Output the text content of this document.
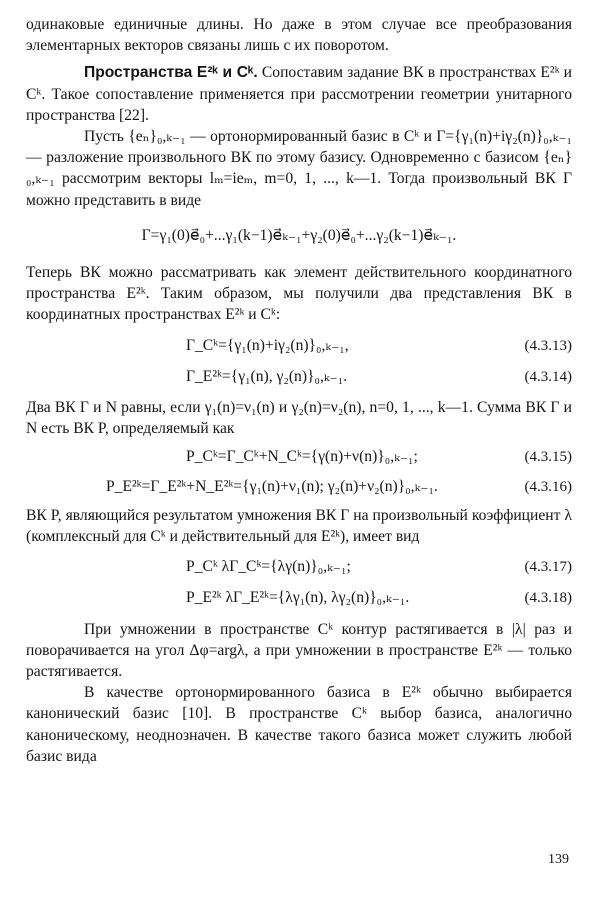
одинаковые единичные длины. Но даже в этом случае все преобразования элементарных векторов связаны лишь с их поворотом.

Пространства E²ᵏ и Cᵏ. Сопоставим задание ВК в пространствах E²ᵏ и Cᵏ. Такое сопоставление применяется при рассмотрении геометрии унитарного пространства [22].

Пусть {eₙ}₀,ₖ₋₁ — ортонормированный базис в Cᵏ и Г={γ₁(n)+iγ₂(n)}₀,ₖ₋₁ — разложение произвольного ВК по этому базису. Одновременно с базисом {eₙ}₀,ₖ₋₁ рассмотрим векторы lₘ=ieₘ, m=0, 1, ..., k—1. Тогда произвольный ВК Г можно представить в виде

Г=γ₁(0)e⃗₀+...γ₁(k−1)e⃗ₖ₋₁+γ₂(0)e⃗₀+...γ₂(k−1)e⃗ₖ₋₁.

Теперь ВК можно рассматривать как элемент действительного координатного пространства E²ᵏ. Таким образом, мы получили два представления ВК в координатных пространствах E²ᵏ и Cᵏ:

Г_Cᵏ={γ₁(n)+iγ₂(n)}₀,ₖ₋₁,	(4.3.13)
Г_E²ᵏ={γ₁(n), γ₂(n)}₀,ₖ₋₁.	(4.3.14)

Два ВК Г и N равны, если γ₁(n)=ν₁(n) и γ₂(n)=ν₂(n), n=0, 1, ..., k—1. Сумма ВК Г и N есть ВК P, определяемый как

P_Cᵏ=Г_Cᵏ+N_Cᵏ={γ(n)+ν(n)}₀,ₖ₋₁;	(4.3.15)
P_E²ᵏ=Г_E²ᵏ+N_E²ᵏ={γ₁(n)+ν₁(n); γ₂(n)+ν₂(n)}₀,ₖ₋₁.	(4.3.16)

ВК P, являющийся результатом умножения ВК Г на произвольный коэффициент λ (комплексный для Cᵏ и действительный для E²ᵏ), имеет вид

P_Cᵏ λГ_Cᵏ={λγ(n)}₀,ₖ₋₁;	(4.3.17)
P_E²ᵏ λГ_E²ᵏ={λγ₁(n), λγ₂(n)}₀,ₖ₋₁.	(4.3.18)

При умножении в пространстве Cᵏ контур растягивается в |λ| раз и поворачивается на угол Δφ=argλ, а при умножении в пространстве E²ᵏ — только растягивается.

В качестве ортонормированного базиса в E²ᵏ обычно выбирается канонический базис [10]. В пространстве Cᵏ выбор базиса, аналогично каноническому, неоднозначен. В качестве такого базиса может служить любой базис вида

139
